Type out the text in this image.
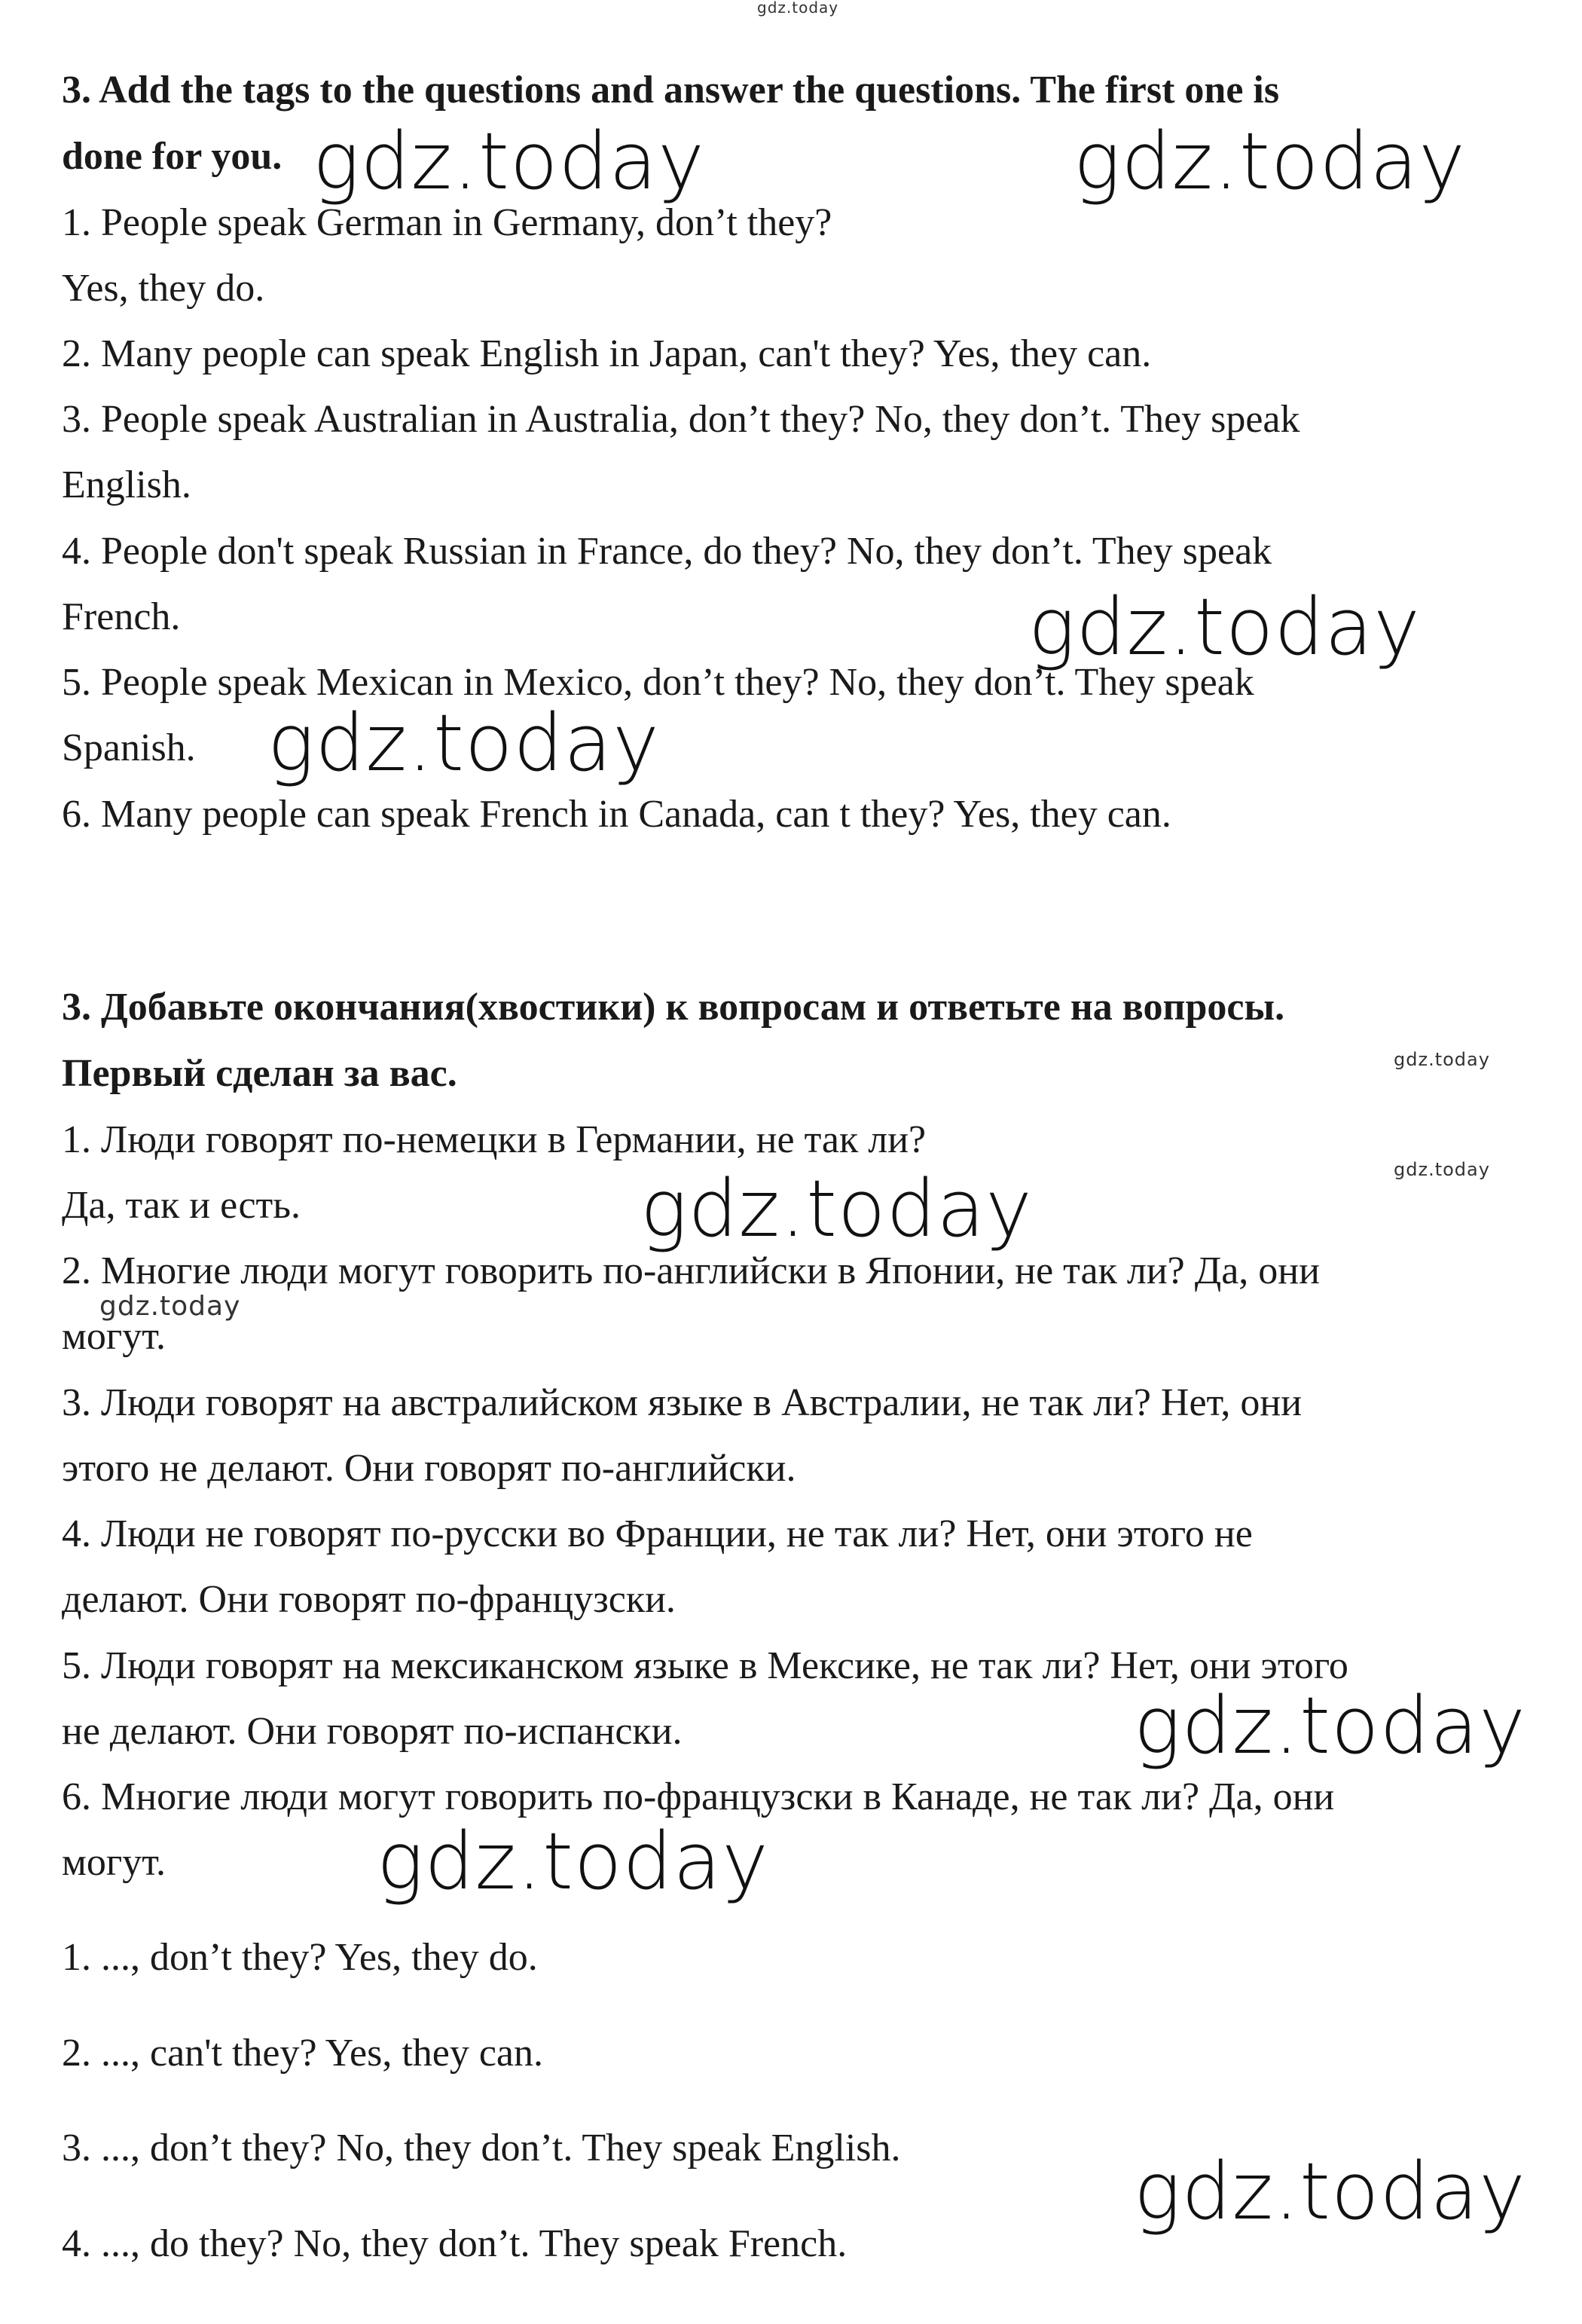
3. Add the tags to the questions and answer the questions. The first one is
done for you.
1. People speak German in Germany, don’t they?
Yes, they do.
2. Many people can speak English in Japan, can't they? Yes, they can.
3. People speak Australian in Australia, don’t they? No, they don’t. They speak
English.
4. People don't speak Russian in France, do they? No, they don’t. They speak
French.
5. People speak Mexican in Mexico, don’t they? No, they don’t. They speak
Spanish.
6. Many people can speak French in Canada, can t they? Yes, they can.
3. Добавьте окончания(хвостики) к вопросам и ответьте на вопросы.
Первый сделан за вас.
1. Люди говорят по-немецки в Германии, не так ли?
Да, так и есть.
2. Многие люди могут говорить по-английски в Японии, не так ли? Да, они
могут.
3. Люди говорят на австралийском языке в Австралии, не так ли? Нет, они
этого не делают. Они говорят по-английски.
4. Люди не говорят по-русски во Франции, не так ли? Нет, они этого не
делают. Они говорят по-французски.
5. Люди говорят на мексиканском языке в Мексике, не так ли? Нет, они этого
не делают. Они говорят по-испански.
6. Многие люди могут говорить по-французски в Канаде, не так ли? Да, они
могут.
1. ..., don’t they? Yes, they do.
2. ..., can't they? Yes, they can.
3. ..., don’t they? No, they don’t. They speak English.
4. ..., do they? No, they don’t. They speak French.
gdz.today
gdz.today	gdz.today
gdz.today
gdz.today
gdz.today
gdz.today
gdz.today
gdz.today
gdz.today
gdz.today
gdz.today
